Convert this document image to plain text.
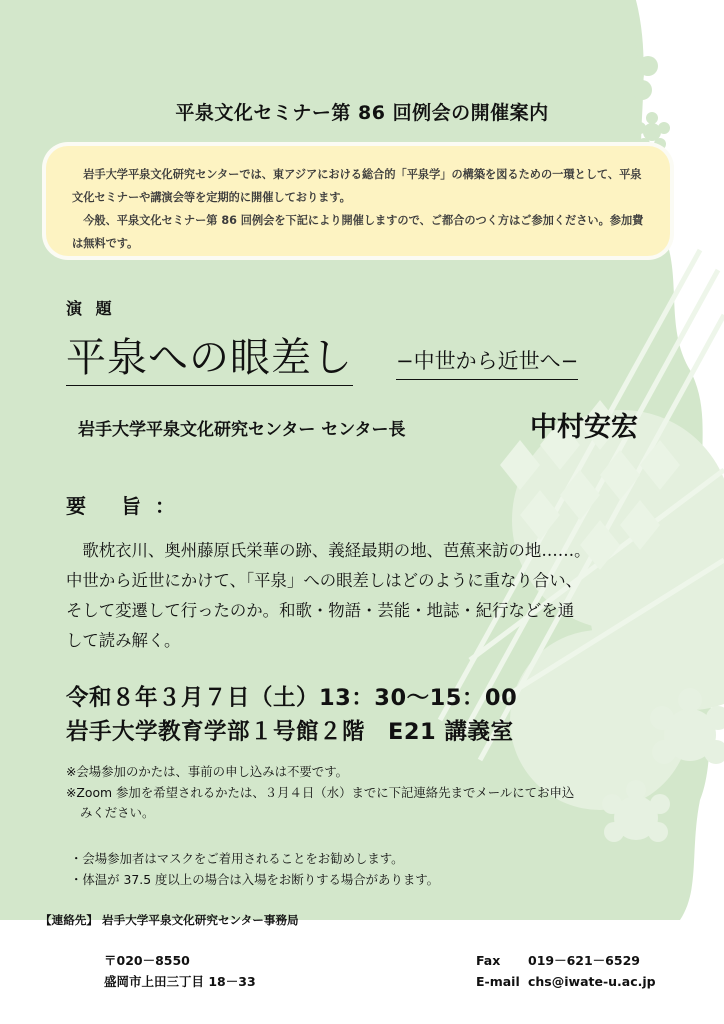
平泉文化セミナー第 86 回例会の開催案内

岩手大学平泉文化研究センターでは、東アジアにおける総合的「平泉学」の構築を図るための一環として、平泉文化セミナーや講演会等を定期的に開催しております。

今般、平泉文化セミナー第 86 回例会を下記により開催しますので、ご都合のつく方はご参加ください。参加費は無料です。

演 題
平泉への眼差し −中世から近世へ−
岩手大学平泉文化研究センター センター長	中村安宏
要 旨：
　歌枕衣川、奥州藤原氏栄華の跡、義経最期の地、芭蕉来訪の地……。
中世から近世にかけて、「平泉」への眼差しはどのように重なり合い、
そして変遷して行ったのか。和歌・物語・芸能・地誌・紀行などを通
して読み解く。
令和８年３月７日（土）13：30〜15：00
岩手大学教育学部１号館２階　E21 講義室
※会場参加のかたは、事前の申し込みは不要です。
※Zoom 参加を希望されるかたは、３月４日（水）までに下記連絡先までメールにてお申込
みください。
・会場参加者はマスクをご着用されることをお勧めします。
・体温が 37.5 度以上の場合は入場をお断りする場合があります。
【連絡先】 岩手大学平泉文化研究センター事務局
〒020－8550
盛岡市上田三丁目 18－33
Fax 019－621－6529
E-mail chs@iwate-u.ac.jp
